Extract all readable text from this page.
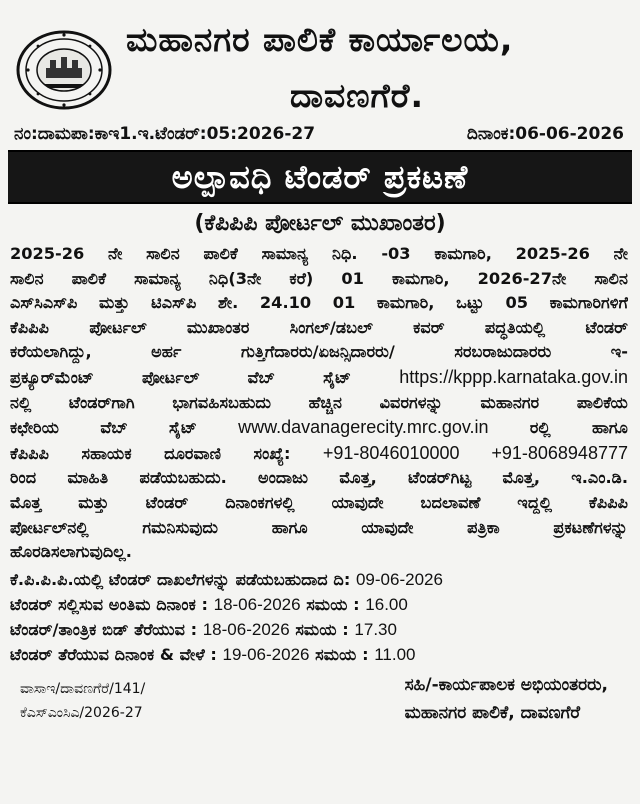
ಮಹಾನಗರ ಪಾಲಿಕೆ ಕಾರ್ಯಾಲಯ,
ದಾವಣಗೆರೆ.
ನಂ:ದಾಮಪಾ:ಕಾಇ1.ಇ.ಟೆಂಡರ್:05:2026-27	ದಿನಾಂಕ:06-06-2026
ಅಲ್ಪಾವಧಿ ಟೆಂಡರ್ ಪ್ರಕಟಣೆ
(ಕೆಪಿಪಿಪಿ ಪೋರ್ಟಲ್ ಮುಖಾಂತರ)
2025-26 ನೇ ಸಾಲಿನ ಪಾಲಿಕೆ ಸಾಮಾನ್ಯ ನಿಧಿ. -03 ಕಾಮಗಾರಿ, 2025-26 ನೇ
ಸಾಲಿನ ಪಾಲಿಕೆ ಸಾಮಾನ್ಯ ನಿಧಿ(3ನೇ ಕರೆ) 01 ಕಾಮಗಾರಿ, 2026-27ನೇ ಸಾಲಿನ
ಎಸ್‌ಸಿಎಸ್‌ಪಿ ಮತ್ತು ಟಿಎಸ್‌ಪಿ ಶೇ. 24.10 01 ಕಾಮಗಾರಿ, ಒಟ್ಟು 05 ಕಾಮಗಾರಿಗಳಿಗೆ
ಕೆಪಿಪಿಪಿ ಪೋರ್ಟಲ್ ಮುಖಾಂತರ ಸಿಂಗಲ್/ಡಬಲ್ ಕವರ್ ಪದ್ಧತಿಯಲ್ಲಿ ಟೆಂಡರ್
ಕರೆಯಲಾಗಿದ್ದು, ಅರ್ಹ ಗುತ್ತಿಗೆದಾರರು/ಏಜನ್ಸಿದಾರರು/ ಸರಬರಾಜುದಾರರು ಇ-
ಪ್ರಕ್ಯೂರ್‌ಮೆಂಟ್ ಪೋರ್ಟಲ್ ವೆಬ್ ಸೈಟ್ https://kppp.karnataka.gov.in
ನಲ್ಲಿ ಟೆಂಡರ್‌ಗಾಗಿ ಭಾಗವಹಿಸಬಹುದು ಹೆಚ್ಚಿನ ವಿವರಗಳನ್ನು ಮಹಾನಗರ ಪಾಲಿಕೆಯ
ಕಛೇರಿಯ ವೆಬ್ ಸೈಟ್ www.davanagerecity.mrc.gov.in ರಲ್ಲಿ ಹಾಗೂ
ಕೆಪಿಪಿಪಿ ಸಹಾಯಕ ದೂರವಾಣಿ ಸಂಖ್ಯೆ: +91-8046010000 +91-8068948777
ರಿಂದ ಮಾಹಿತಿ ಪಡೆಯಬಹುದು. ಅಂದಾಜು ಮೊತ್ತ, ಟೆಂಡರ್‌ಗಿಟ್ಟ ಮೊತ್ತ, ಇ.ಎಂ.ಡಿ.
ಮೊತ್ತ ಮತ್ತು ಟೆಂಡರ್ ದಿನಾಂಕಗಳಲ್ಲಿ ಯಾವುದೇ ಬದಲಾವಣೆ ಇದ್ದಲ್ಲಿ ಕೆಪಿಪಿಪಿ
ಪೋರ್ಟಲ್‌ನಲ್ಲಿ ಗಮನಿಸುವುದು ಹಾಗೂ ಯಾವುದೇ ಪತ್ರಿಕಾ ಪ್ರಕಟಣೆಗಳನ್ನು
ಹೊರಡಿಸಲಾಗುವುದಿಲ್ಲ.
ಕೆ.ಪಿ.ಪಿ.ಪಿ.ಯಲ್ಲಿ ಟೆಂಡರ್ ದಾಖಲೆಗಳನ್ನು ಪಡೆಯಬಹುದಾದ ದಿ: 09-06-2026
ಟೆಂಡರ್ ಸಲ್ಲಿಸುವ ಅಂತಿಮ ದಿನಾಂಕ : 18-06-2026 ಸಮಯ : 16.00
ಟೆಂಡರ್/ತಾಂತ್ರಿಕ ಬಿಡ್ ತೆರೆಯುವ : 18-06-2026 ಸಮಯ : 17.30
ಟೆಂಡರ್ ತೆರೆಯುವ ದಿನಾಂಕ & ವೇಳೆ : 19-06-2026 ಸಮಯ : 11.00
ವಾಸಾಇ/ದಾವಣಗೆರೆ/141/
ಕೆಎಸ್‌ಎಂಸಿಎ/2026-27
ಸಹಿ/-ಕಾರ್ಯಪಾಲಕ ಅಭಿಯಂತರರು,
ಮಹಾನಗರ ಪಾಲಿಕೆ, ದಾವಣಗೆರೆ
